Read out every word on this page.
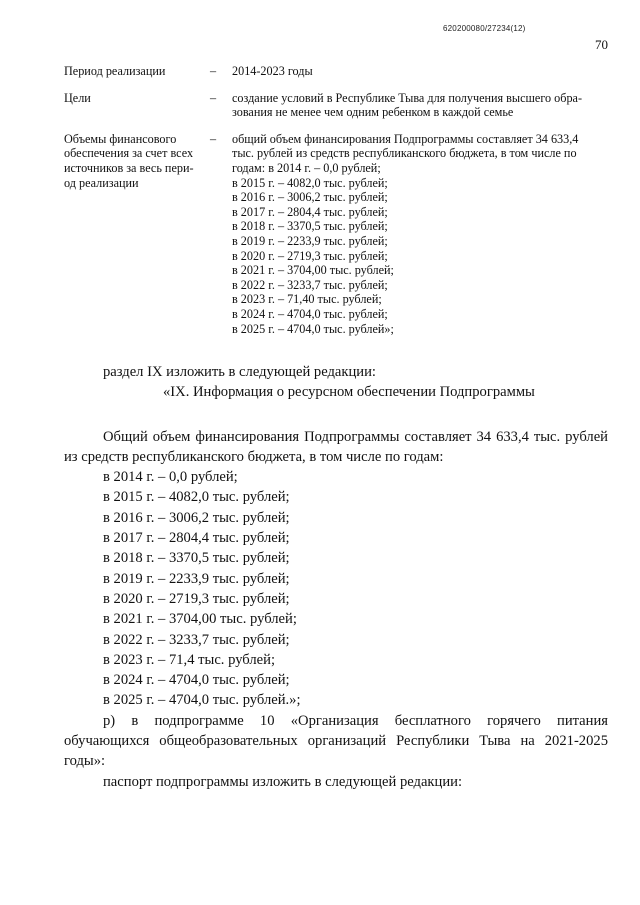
620200080/27234(12)
70
Период реализации	–	2014-2023 годы
Цели	–	создание условий в Республике Тыва для получения высшего обра-
зования не менее чем одним ребенком в каждой семье
Объемы финансового
обеспечения за счет всех
источников за весь пери-
од реализации
–	общий объем финансирования Подпрограммы составляет 34 633,4
тыс. рублей из средств республиканского бюджета, в том числе по
годам: в 2014 г. – 0,0 рублей;
в 2015 г. – 4082,0 тыс. рублей;
в 2016 г. – 3006,2 тыс. рублей;
в 2017 г. – 2804,4 тыс. рублей;
в 2018 г. – 3370,5 тыс. рублей;
в 2019 г. – 2233,9 тыс. рублей;
в 2020 г. – 2719,3 тыс. рублей;
в 2021 г. – 3704,00 тыс. рублей;
в 2022 г. – 3233,7 тыс. рублей;
в 2023 г. – 71,40 тыс. рублей;
в 2024 г. – 4704,0 тыс. рублей;
в 2025 г. – 4704,0 тыс. рублей»;
раздел IX изложить в следующей редакции:
«IX. Информация о ресурсном обеспечении Подпрограммы
Общий объем финансирования Подпрограммы составляет 34 633,4 тыс. рублей из средств республиканского бюджета, в том числе по годам:
в 2014 г. – 0,0 рублей;
в 2015 г. – 4082,0 тыс. рублей;
в 2016 г. – 3006,2 тыс. рублей;
в 2017 г. – 2804,4 тыс. рублей;
в 2018 г. – 3370,5 тыс. рублей;
в 2019 г. – 2233,9 тыс. рублей;
в 2020 г. – 2719,3 тыс. рублей;
в 2021 г. – 3704,00 тыс. рублей;
в 2022 г. – 3233,7 тыс. рублей;
в 2023 г. – 71,4 тыс. рублей;
в 2024 г. – 4704,0 тыс. рублей;
в 2025 г. – 4704,0 тыс. рублей.»;
р) в подпрограмме 10 «Организация бесплатного горячего питания обучающихся общеобразовательных организаций Республики Тыва на 2021-2025 годы»:
паспорт подпрограммы изложить в следующей редакции:
